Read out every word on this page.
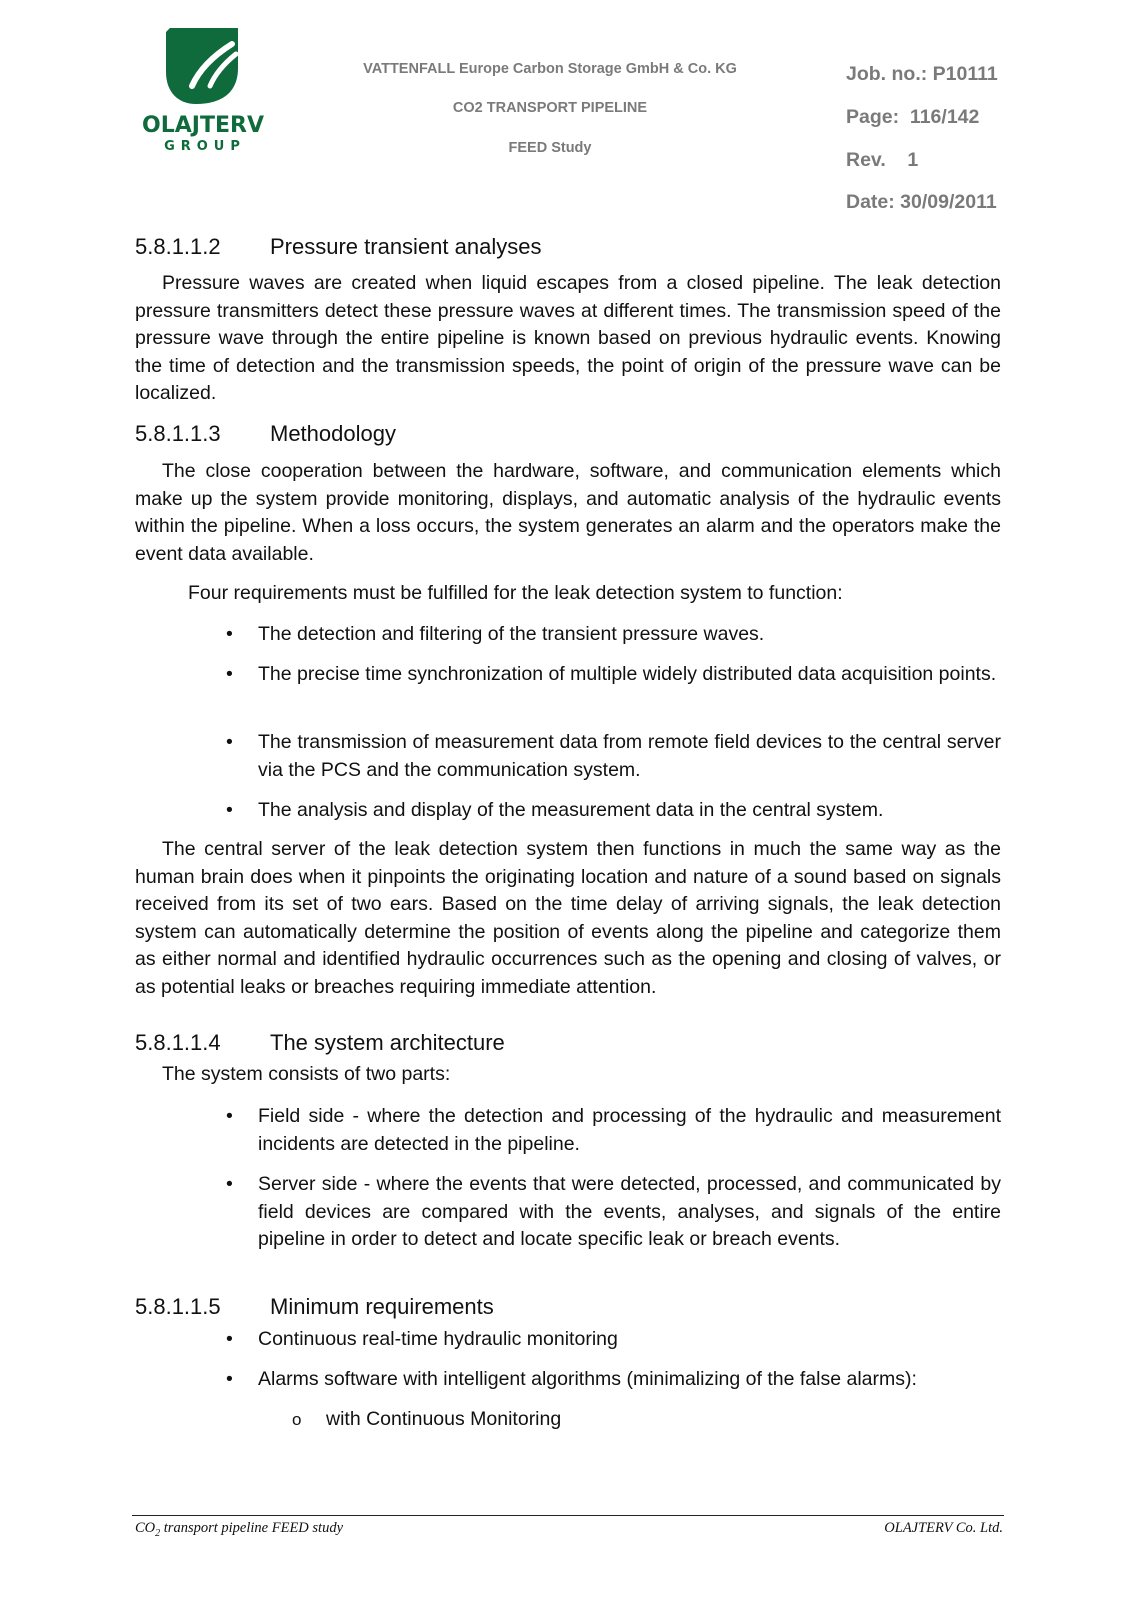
OLAJTERV
GROUP
VATTENFALL Europe Carbon Storage GmbH & Co. KG
CO2 TRANSPORT PIPELINE
FEED Study
Job. no.: P10111
Page:  116/142
Rev.    1
Date: 30/09/2011
5.8.1.1.2 Pressure transient analyses
Pressure waves are created when liquid escapes from a closed pipeline. The leak detection pressure transmitters detect these pressure waves at different times. The transmission speed of the pressure wave through the entire pipeline is known based on previous hydraulic events. Knowing the time of detection and the transmission speeds, the point of origin of the pressure wave can be localized.
5.8.1.1.3 Methodology
The close cooperation between the hardware, software, and communication elements which make up the system provide monitoring, displays, and automatic analysis of the hydraulic events within the pipeline. When a loss occurs, the system generates an alarm and the operators make the event data available.
Four requirements must be fulfilled for the leak detection system to function:
• The detection and filtering of the transient pressure waves.
• The precise time synchronization of multiple widely distributed data acquisition points.
• The transmission of measurement data from remote field devices to the central server via the PCS and the communication system.
• The analysis and display of the measurement data in the central system.
The central server of the leak detection system then functions in much the same way as the human brain does when it pinpoints the originating location and nature of a sound based on signals received from its set of two ears. Based on the time delay of arriving signals, the leak detection system can automatically determine the position of events along the pipeline and categorize them as either normal and identified hydraulic occurrences such as the opening and closing of valves, or as potential leaks or breaches requiring immediate attention.
5.8.1.1.4 The system architecture
The system consists of two parts:
• Field side - where the detection and processing of the hydraulic and measurement incidents are detected in the pipeline.
• Server side - where the events that were detected, processed, and communicated by field devices are compared with the events, analyses, and signals of the entire pipeline in order to detect and locate specific leak or breach events.
5.8.1.1.5 Minimum requirements
• Continuous real-time hydraulic monitoring
• Alarms software with intelligent algorithms (minimalizing of the false alarms):
o with Continuous Monitoring
$CO_2$ transport pipeline FEED study	OLAJTERV Co. Ltd.
